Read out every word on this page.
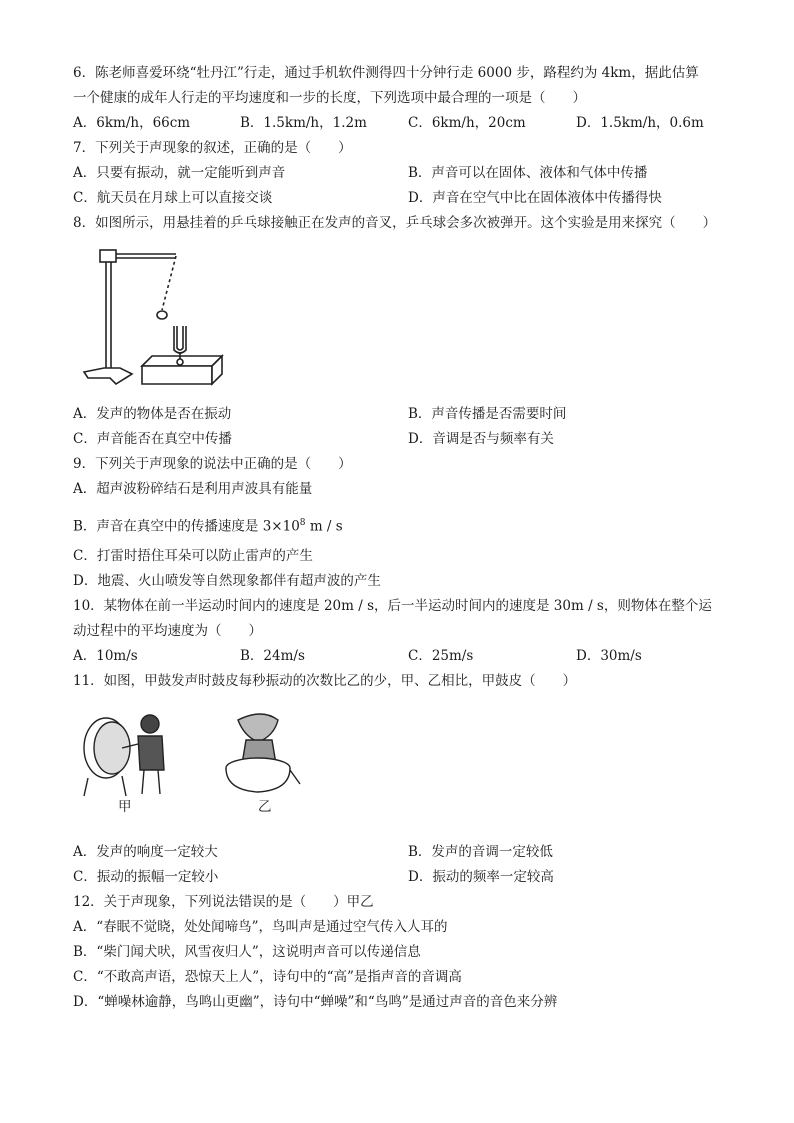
6．陈老师喜爱环绕“牡丹江”行走，通过手机软件测得四十分钟行走 6000 步，路程约为 4km，据此估算
一个健康的成年人行走的平均速度和一步的长度，下列选项中最合理的一项是（　　）
A．6km/h，66cm	B．1.5km/h，1.2m	C．6km/h，20cm	D．1.5km/h，0.6m
7．下列关于声现象的叙述，正确的是（　　）
A．只要有振动，就一定能听到声音	B．声音可以在固体、液体和气体中传播
C．航天员在月球上可以直接交谈	D．声音在空气中比在固体液体中传播得快
8．如图所示，用悬挂着的乒乓球接触正在发声的音叉，乒乓球会多次被弹开。这个实验是用来探究（　　）
A．发声的物体是否在振动	B．声音传播是否需要时间
C．声音能否在真空中传播	D．音调是否与频率有关
9．下列关于声现象的说法中正确的是（　　）
A．超声波粉碎结石是利用声波具有能量
B．声音在真空中的传播速度是 $3\times 10^8$ m / s
C．打雷时捂住耳朵可以防止雷声的产生
D．地震、火山喷发等自然现象都伴有超声波的产生
10．某物体在前一半运动时间内的速度是 20m / s，后一半运动时间内的速度是 30m / s，则物体在整个运
动过程中的平均速度为（　　）
A．10m/s	B．24m/s	C．25m/s	D．30m/s
11．如图，甲鼓发声时鼓皮每秒振动的次数比乙的少，甲、乙相比，甲鼓皮（　　）
甲	乙
A．发声的响度一定较大	B．发声的音调一定较低
C．振动的振幅一定较小	D．振动的频率一定较高
12．关于声现象，下列说法错误的是（　　）甲乙
A．“春眠不觉晓，处处闻啼鸟”，鸟叫声是通过空气传入人耳的
B．“柴门闻犬吠，风雪夜归人”，这说明声音可以传递信息
C．“不敢高声语，恐惊天上人”，诗句中的“高”是指声音的音调高
D．“蝉噪林逾静，鸟鸣山更幽”，诗句中“蝉噪”和“鸟鸣”是通过声音的音色来分辨
